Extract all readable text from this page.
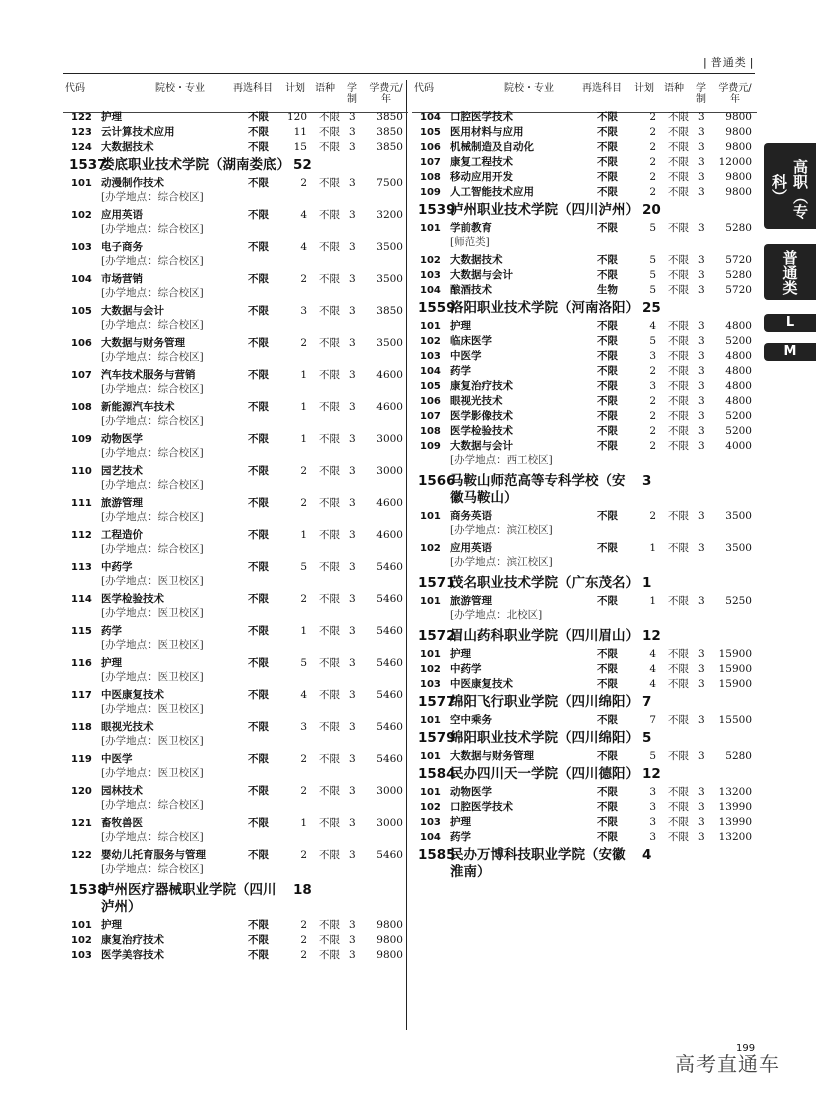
| 普通类 |
高职（专科）
普通类
L
M
代码	院校・专业	再选科目 计划 语种 学制
学费元/年
122 护理	不限 120 不限 3	3850
123 云计算技术应用	不限	11 不限 3	3850
124 大数据技术	不限	15 不限 3	3850
1537
娄底职业技术学院（湖南娄底） 52
101 动漫制作技术	不限	2 不限 3	7500
[办学地点：综合校区]
102 应用英语	不限	4 不限 3	3200
[办学地点：综合校区]
103 电子商务	不限	4 不限 3	3500
[办学地点：综合校区]
104 市场营销	不限	2 不限 3	3500
[办学地点：综合校区]
105 大数据与会计	不限	3 不限 3	3850
[办学地点：综合校区]
106 大数据与财务管理	不限	2 不限 3	3500
[办学地点：综合校区]
107 汽车技术服务与营销	不限	1 不限 3	4600
[办学地点：综合校区]
108 新能源汽车技术	不限	1 不限 3	4600
[办学地点：综合校区]
109 动物医学	不限	1 不限 3	3000
[办学地点：综合校区]
110 园艺技术	不限	2 不限 3	3000
[办学地点：综合校区]
111 旅游管理	不限	2 不限 3	4600
[办学地点：综合校区]
112 工程造价	不限	1 不限 3	4600
[办学地点：综合校区]
113 中药学	不限	5 不限 3	5460
[办学地点：医卫校区]
114 医学检验技术	不限	2 不限 3	5460
[办学地点：医卫校区]
115 药学	不限	1 不限 3	5460
[办学地点：医卫校区]
116 护理	不限	5 不限 3	5460
[办学地点：医卫校区]
117 中医康复技术	不限	4 不限 3	5460
[办学地点：医卫校区]
118 眼视光技术	不限	3 不限 3	5460
[办学地点：医卫校区]
119 中医学	不限	2 不限 3	5460
[办学地点：医卫校区]
120 园林技术	不限	2 不限 3	3000
[办学地点：综合校区]
121 畜牧兽医	不限	1 不限 3	3000
[办学地点：综合校区]
122 婴幼儿托育服务与管理	不限	2 不限 3	5460
[办学地点：综合校区]
1538
泸州医疗器械职业学院（四川泸州）
18
101 护理	不限	2 不限 3	9800
102 康复治疗技术	不限	2 不限 3	9800
103 医学美容技术	不限	2 不限 3	9800
代码	院校・专业	再选科目 计划 语种 学制
学费元/年
104 口腔医学技术	不限	2 不限 3	9800
105 医用材料与应用	不限	2 不限 3	9800
106 机械制造及自动化	不限	2 不限 3	9800
107 康复工程技术	不限	2 不限 3	12000
108 移动应用开发	不限	2 不限 3	9800
109 人工智能技术应用	不限	2 不限 3	9800
1539
泸州职业技术学院（四川泸州） 20
101 学前教育	不限	5 不限 3	5280
[师范类]
102 大数据技术	不限	5 不限 3	5720
103 大数据与会计	不限	5 不限 3	5280
104 酿酒技术	生物	5 不限 3	5720
1559
洛阳职业技术学院（河南洛阳） 25
101 护理	不限	4 不限 3	4800
102 临床医学	不限	5 不限 3	5200
103 中医学	不限	3 不限 3	4800
104 药学	不限	2 不限 3	4800
105 康复治疗技术	不限	3 不限 3	4800
106 眼视光技术	不限	2 不限 3	4800
107 医学影像技术	不限	2 不限 3	5200
108 医学检验技术	不限	2 不限 3	5200
109 大数据与会计	不限	2 不限 3	4000
[办学地点：西工校区]
1566
马鞍山师范高等专科学校（安徽马鞍山）
3
101 商务英语	不限	2 不限 3	3500
[办学地点：滨江校区]
102 应用英语	不限	1 不限 3	3500
[办学地点：滨江校区]
1571
茂名职业技术学院（广东茂名） 1
101 旅游管理	不限	1 不限 3	5250
[办学地点：北校区]
1572
眉山药科职业学院（四川眉山） 12
101 护理	不限	4 不限 3	15900
102 中药学	不限	4 不限 3	15900
103 中医康复技术	不限	4 不限 3	15900
1577
绵阳飞行职业学院（四川绵阳） 7
101 空中乘务	不限	7 不限 3	15500
1579
绵阳职业技术学院（四川绵阳） 5
101 大数据与财务管理	不限	5 不限 3	5280
1584
民办四川天一学院（四川德阳） 12
101 动物医学	不限	3 不限 3	13200
102 口腔医学技术	不限	3 不限 3	13990
103 护理	不限	3 不限 3	13990
104 药学	不限	3 不限 3	13200
1585
民办万博科技职业学院（安徽淮南）
4
199
高考直通车
